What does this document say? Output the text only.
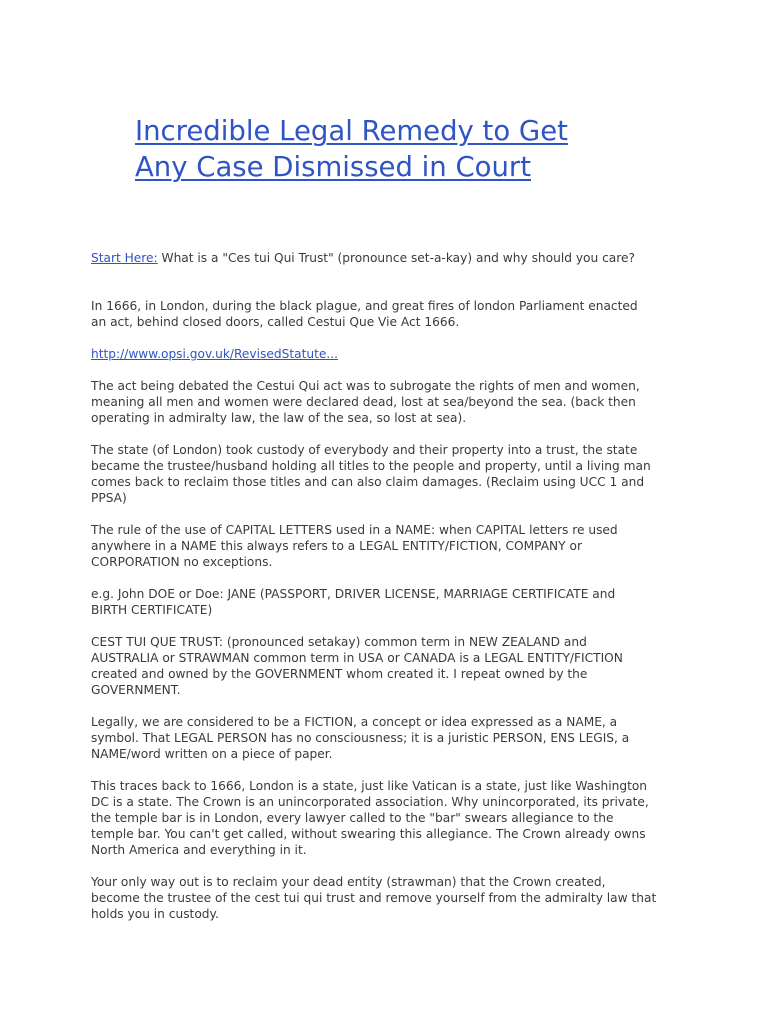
Incredible Legal Remedy to Get
Any Case Dismissed in Court

Start Here: What is a "Ces tui Qui Trust" (pronounce set-a-kay) and why should you care?

In 1666, in London, during the black plague, and great fires of london Parliament enacted
an act, behind closed doors, called Cestui Que Vie Act 1666.

http://www.opsi.gov.uk/RevisedStatute...

The act being debated the Cestui Qui act was to subrogate the rights of men and women,
meaning all men and women were declared dead, lost at sea/beyond the sea. (back then
operating in admiralty law, the law of the sea, so lost at sea).

The state (of London) took custody of everybody and their property into a trust, the state
became the trustee/husband holding all titles to the people and property, until a living man
comes back to reclaim those titles and can also claim damages. (Reclaim using UCC 1 and
PPSA)

The rule of the use of CAPITAL LETTERS used in a NAME: when CAPITAL letters re used
anywhere in a NAME this always refers to a LEGAL ENTITY/FICTION, COMPANY or
CORPORATION no exceptions.

e.g. John DOE or Doe: JANE (PASSPORT, DRIVER LICENSE, MARRIAGE CERTIFICATE and
BIRTH CERTIFICATE)

CEST TUI QUE TRUST: (pronounced setakay) common term in NEW ZEALAND and
AUSTRALIA or STRAWMAN common term in USA or CANADA is a LEGAL ENTITY/FICTION
created and owned by the GOVERNMENT whom created it. I repeat owned by the
GOVERNMENT.

Legally, we are considered to be a FICTION, a concept or idea expressed as a NAME, a
symbol. That LEGAL PERSON has no consciousness; it is a juristic PERSON, ENS LEGIS, a
NAME/word written on a piece of paper.

This traces back to 1666, London is a state, just like Vatican is a state, just like Washington
DC is a state. The Crown is an unincorporated association. Why unincorporated, its private,
the temple bar is in London, every lawyer called to the "bar" swears allegiance to the
temple bar. You can't get called, without swearing this allegiance. The Crown already owns
North America and everything in it.

Your only way out is to reclaim your dead entity (strawman) that the Crown created,
become the trustee of the cest tui qui trust and remove yourself from the admiralty law that
holds you in custody.
